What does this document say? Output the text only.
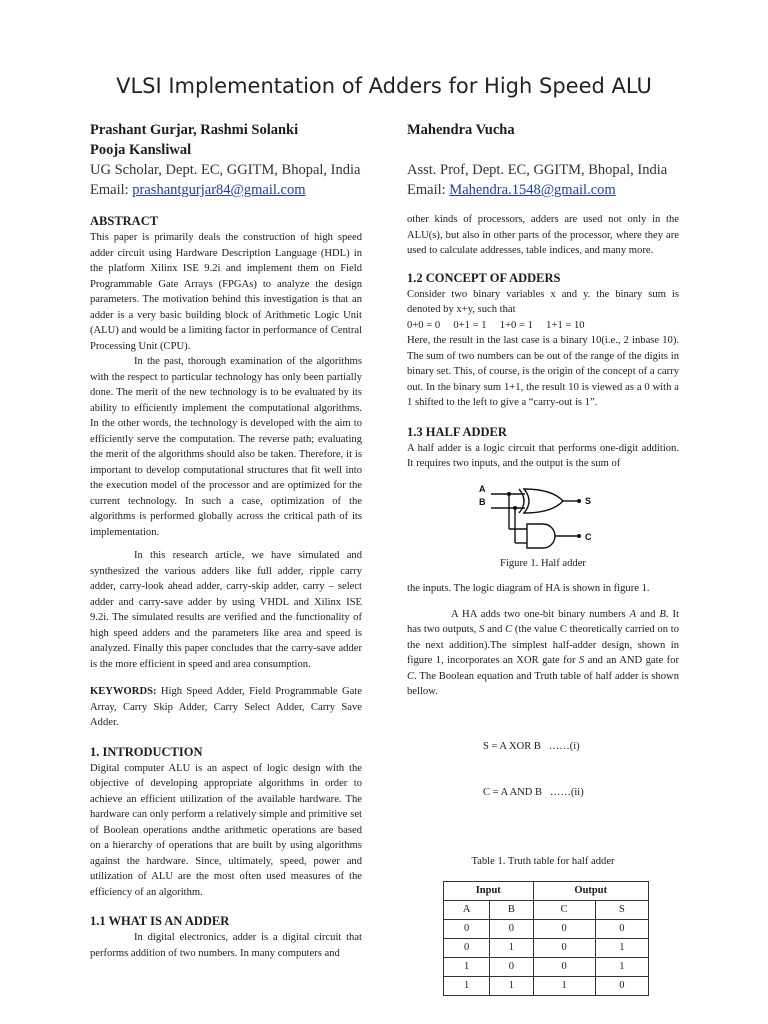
VLSI Implementation of Adders for High Speed ALU
Prashant Gurjar, Rashmi Solanki
Pooja Kansliwal
UG Scholar, Dept. EC, GGITM, Bhopal, India
Email: prashantgurjar84@gmail.com
Mahendra Vucha
Asst. Prof, Dept. EC, GGITM, Bhopal, India
Email: Mahendra.1548@gmail.com

ABSTRACT

This paper is primarily deals the construction of high speed adder circuit using Hardware Description Language (HDL) in the platform Xilinx ISE 9.2i and implement them on Field Programmable Gate Arrays (FPGAs) to analyze the design parameters. The motivation behind this investigation is that an adder is a very basic building block of Arithmetic Logic Unit (ALU) and would be a limiting factor in performance of Central Processing Unit (CPU).

In the past, thorough examination of the algorithms with the respect to particular technology has only been partially done. The merit of the new technology is to be evaluated by its ability to efficiently implement the computational algorithms. In the other words, the technology is developed with the aim to efficiently serve the computation. The reverse path; evaluating the merit of the algorithms should also be taken. Therefore, it is important to develop computational structures that fit well into the execution model of the processor and are optimized for the current technology. In such a case, optimization of the algorithms is performed globally across the critical path of its implementation.

In this research article, we have simulated and synthesized the various adders like full adder, ripple carry adder, carry-look ahead adder, carry-skip adder, carry – select adder and carry-save adder by using VHDL and Xilinx ISE 9.2i. The simulated results are verified and the functionality of high speed adders and the parameters like area and speed is analyzed. Finally this paper concludes that the carry-save adder is the more efficient in speed and area consumption.

KEYWORDS: High Speed Adder, Field Programmable Gate Array, Carry Skip Adder, Carry Select Adder, Carry Save Adder.

1. INTRODUCTION

Digital computer ALU is an aspect of logic design with the objective of developing appropriate algorithms in order to achieve an efficient utilization of the available hardware. The hardware can only perform a relatively simple and primitive set of Boolean operations andthe arithmetic operations are based on a hierarchy of operations that are built by using algorithms against the hardware. Since, ultimately, speed, power and utilization of ALU are the most often used measures of the efficiency of an algorithm.

1.1 WHAT IS AN ADDER

In digital electronics, adder is a digital circuit that performs addition of two numbers. In many computers and

other kinds of processors, adders are used not only in the ALU(s), but also in other parts of the processor, where they are used to calculate addresses, table indices, and many more.

1.2 CONCEPT OF ADDERS

Consider two binary variables x and y. the binary sum is denoted by x+y, such that

0+0 = 0 0+1 = 1 1+0 = 1 1+1 = 10

Here, the result in the last case is a binary 10(i.e., 2 inbase 10). The sum of two numbers can be out of the range of the digits in binary set. This, of course, is the origin of the concept of a carry out. In the binary sum 1+1, the result 10 is viewed as a 0 with a 1 shifted to the left to give a “carry-out is 1”.

1.3 HALF ADDER

A half adder is a logic circuit that performs one-digit addition. It requires two inputs, and the output is the sum of

A
B	S
C

Figure 1. Half adder

the inputs. The logic diagram of HA is shown in figure 1.

A HA adds two one-bit binary numbers A and B. It has two outputs, S and C (the value C theoretically carried on to the next addition).The simplest half-adder design, shown in figure 1, incorporates an XOR gate for S and an AND gate for C. The Boolean equation and Truth table of half adder is shown bellow.

S = A XOR B   ……(i)

C = A AND B   ……(ii)

Table 1. Truth table for half adder

Input		Output	
A	B	C	S
0	0	0	0
0	1	0	1
1	0	0	1
1	1	1	0
